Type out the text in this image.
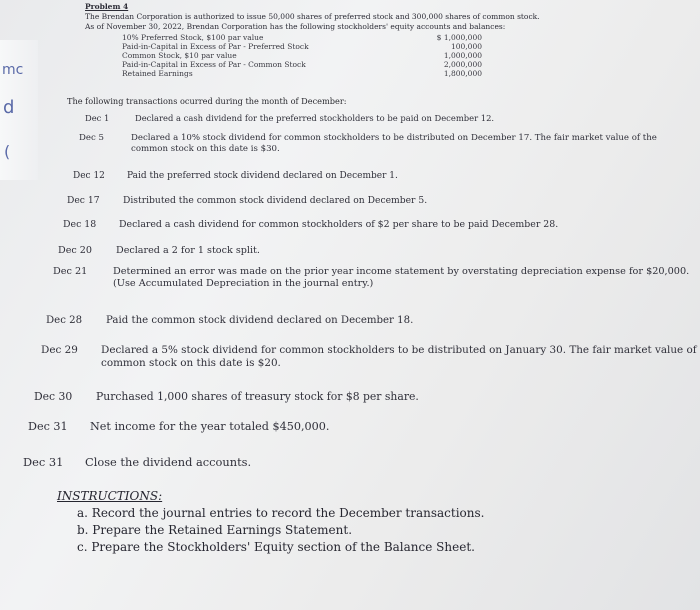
mc
d
(
Problem 4
The Brendan Corporation is authorized to issue 50,000 shares of preferred stock and 300,000 shares of common stock.
As of November 30, 2022, Brendan Corporation has the following stockholders' equity accounts and balances:
10% Preferred Stock, $100 par value	$ 1,000,000
Paid-in-Capital in Excess of Par - Preferred Stock	100,000
Common Stock, $10 par value	1,000,000
Paid-in-Capital in Excess of Par - Common Stock	2,000,000
Retained Earnings	1,800,000
The following transactions ocurred during the month of December:
Dec 1	Declared a cash dividend for the preferred stockholders to be paid on December 12.
Dec 5	Declared a 10% stock dividend for common stockholders to be distributed on December 17. The fair market value of the common stock on this date is $30.
Dec 12 Paid the preferred stock dividend declared on December 1.
Dec 17	Distributed the common stock dividend declared on December 5.
Dec 18 Declared a cash dividend for common stockholders of $2 per share to be paid December 28.
Dec 20	Declared a 2 for 1 stock split.
Dec 21	Determined an error was made on the prior year income statement by overstating depreciation expense for $20,000. (Use Accumulated Depreciation in the journal entry.)
Dec 28 Paid the common stock dividend declared on December 18.
Dec 29 Declared a 5% stock dividend for common stockholders to be distributed on January 30. The fair market value of common stock on this date is $20.
Dec 30 Purchased 1,000 shares of treasury stock for $8 per share.
Dec 31 Net income for the year totaled $450,000.
Dec 31 Close the dividend accounts.
INSTRUCTIONS:
a. Record the journal entries to record the December transactions.
b. Prepare the Retained Earnings Statement.
c. Prepare the Stockholders' Equity section of the Balance Sheet.
